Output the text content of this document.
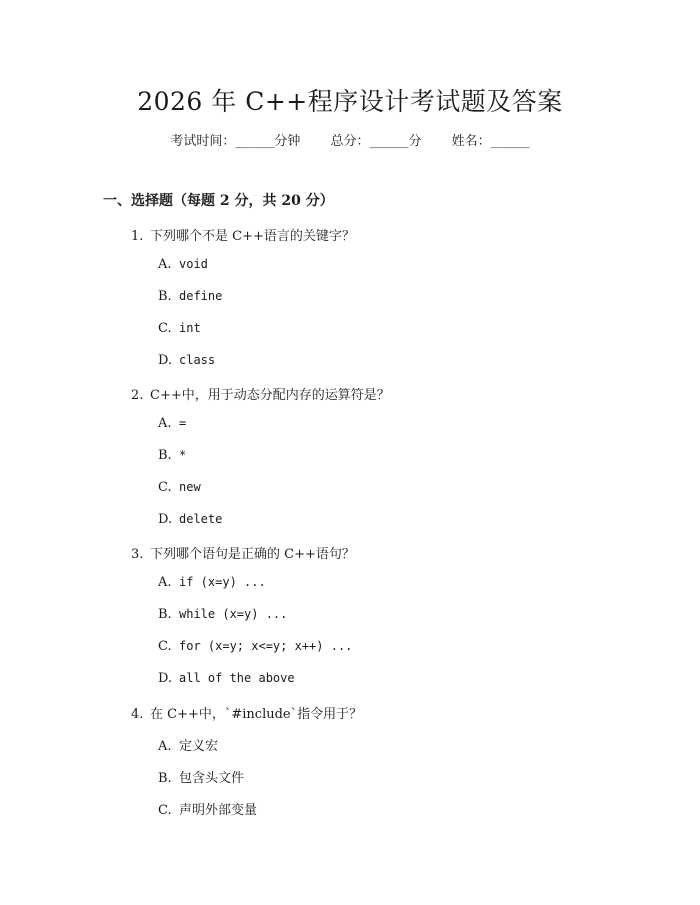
2026 年 C++程序设计考试题及答案
考试时间：______分钟 总分：______分 姓名：______
一、选择题（每题 2 分，共 20 分）
1. 下列哪个不是 C++语言的关键字？
A. void
B. define
C. int
D. class
2. C++中，用于动态分配内存的运算符是？
A. =
B. *
C. new
D. delete
3. 下列哪个语句是正确的 C++语句？
A. if (x=y) ...
B. while (x=y) ...
C. for (x=y; x<=y; x++) ...
D. all of the above
4. 在 C++中，`#include`指令用于？
A. 定义宏
B. 包含头文件
C. 声明外部变量
